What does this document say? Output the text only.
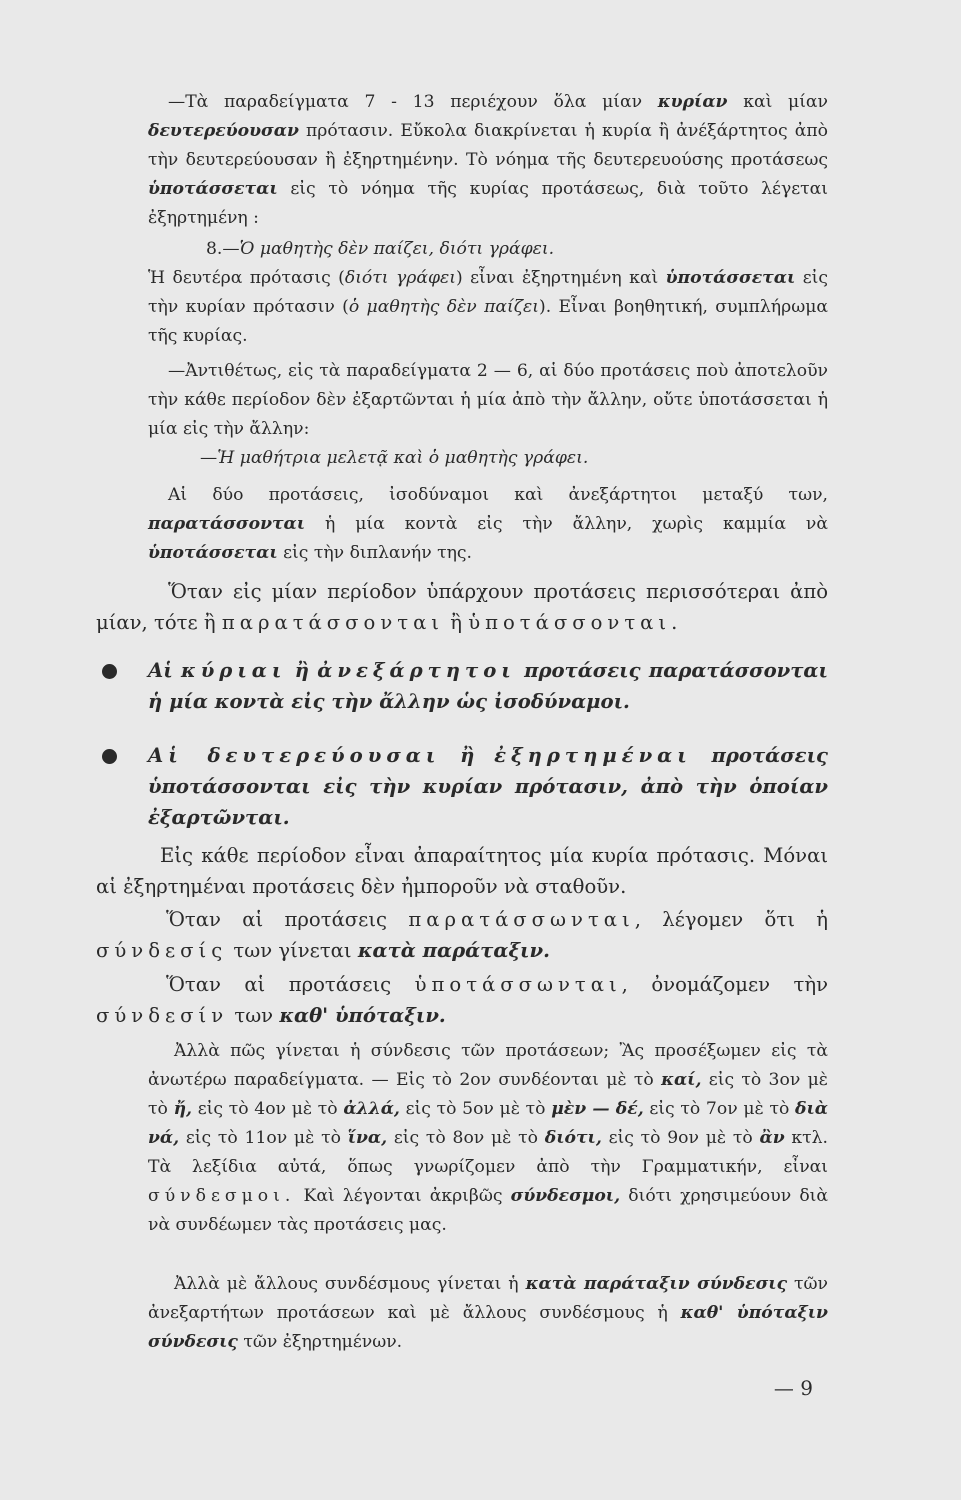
—Τὰ παραδείγματα 7 - 13 περιέχουν ὅλα μίαν κυρίαν καὶ μίαν δευτερεύουσαν πρότασιν. Εὔκολα διακρίνεται ἡ κυρία ἢ ἀνέξάρτητος ἀπὸ τὴν δευτερεύουσαν ἢ ἐξηρτημένην. Τὸ νόημα τῆς δευτερευούσης προτάσεως ὑποτάσσεται εἰς τὸ νόημα τῆς κυρίας προτάσεως, διὰ τοῦτο λέγεται ἐξηρτημένη :

8.—Ὁ μαθητὴς δὲν παίζει, διότι γράφει.

Ἡ δευτέρα πρότασις (διότι γράφει) εἶναι ἐξηρτημένη καὶ ὑποτάσσεται εἰς τὴν κυρίαν πρότασιν (ὁ μαθητὴς δὲν παίζει). Εἶναι βοηθητική, συμπλήρωμα τῆς κυρίας.

—Ἀντιθέτως, εἰς τὰ παραδείγματα 2 — 6, αἱ δύο προτάσεις ποὺ ἀποτελοῦν τὴν κάθε περίοδον δὲν ἐξαρτῶνται ἡ μία ἀπὸ τὴν ἄλλην, οὔτε ὑποτάσσεται ἡ μία εἰς τὴν ἄλλην:

—Ἡ μαθήτρια μελετᾷ καὶ ὁ μαθητὴς γράφει.

Αἱ δύο προτάσεις, ἰσοδύναμοι καὶ ἀνεξάρτητοι μεταξύ των, παρατάσσονται ἡ μία κοντὰ εἰς τὴν ἄλλην, χωρὶς καμμία νὰ ὑποτάσσεται εἰς τὴν διπλανήν της.

Ὅταν εἰς μίαν περίοδον ὑπάρχουν προτάσεις περισσότεραι ἀπὸ μίαν, τότε ἢ παρατάσσονται ἢ ὑποτάσσονται.

Αἱ κύριαι ἢ ἀνεξάρτητοι προτάσεις παρατάσσονται ἡ μία κοντὰ εἰς τὴν ἄλλην ὡς ἰσοδύναμοι.

Αἱ δευτερεύουσαι ἢ ἐξηρτημέναι προτάσεις ὑποτάσσονται εἰς τὴν κυρίαν πρότασιν, ἀπὸ τὴν ὁποίαν ἐξαρτῶνται.

Εἰς κάθε περίοδον εἶναι ἀπαραίτητος μία κυρία πρότασις. Μόναι αἱ ἐξηρτημέναι προτάσεις δὲν ἠμποροῦν νὰ σταθοῦν.

Ὅταν αἱ προτάσεις παρατάσσωνται, λέγομεν ὅτι ἡ σύνδεσίς των γίνεται κατὰ παράταξιν.

Ὅταν αἱ προτάσεις ὑποτάσσωνται, ὀνομάζομεν τὴν σύνδεσίν των καθ' ὑπόταξιν.

Ἀλλὰ πῶς γίνεται ἡ σύνδεσις τῶν προτάσεων; Ἂς προσέξωμεν εἰς τὰ ἀνωτέρω παραδείγματα. — Εἰς τὸ 2ον συνδέονται μὲ τὸ καί, εἰς τὸ 3ον μὲ τὸ ἤ, εἰς τὸ 4ον μὲ τὸ ἀλλά, εἰς τὸ 5ον μὲ τὸ μὲν — δέ, εἰς τὸ 7ον μὲ τὸ διὰ νά, εἰς τὸ 11ον μὲ τὸ ἵνα, εἰς τὸ 8ον μὲ τὸ διότι, εἰς τὸ 9ον μὲ τὸ ἂν κτλ. Τὰ λεξίδια αὐτά, ὅπως γνωρίζομεν ἀπὸ τὴν Γραμματικήν, εἶναι σύνδεσμοι. Καὶ λέγονται ἀκριβῶς σύνδεσμοι, διότι χρησιμεύουν διὰ νὰ συνδέωμεν τὰς προτάσεις μας.

Ἀλλὰ μὲ ἄλλους συνδέσμους γίνεται ἡ κατὰ παράταξιν σύνδεσις τῶν ἀνεξαρτήτων προτάσεων καὶ μὲ ἄλλους συνδέσμους ἡ καθ' ὑπόταξιν σύνδεσις τῶν ἐξηρτημένων.

— 9
